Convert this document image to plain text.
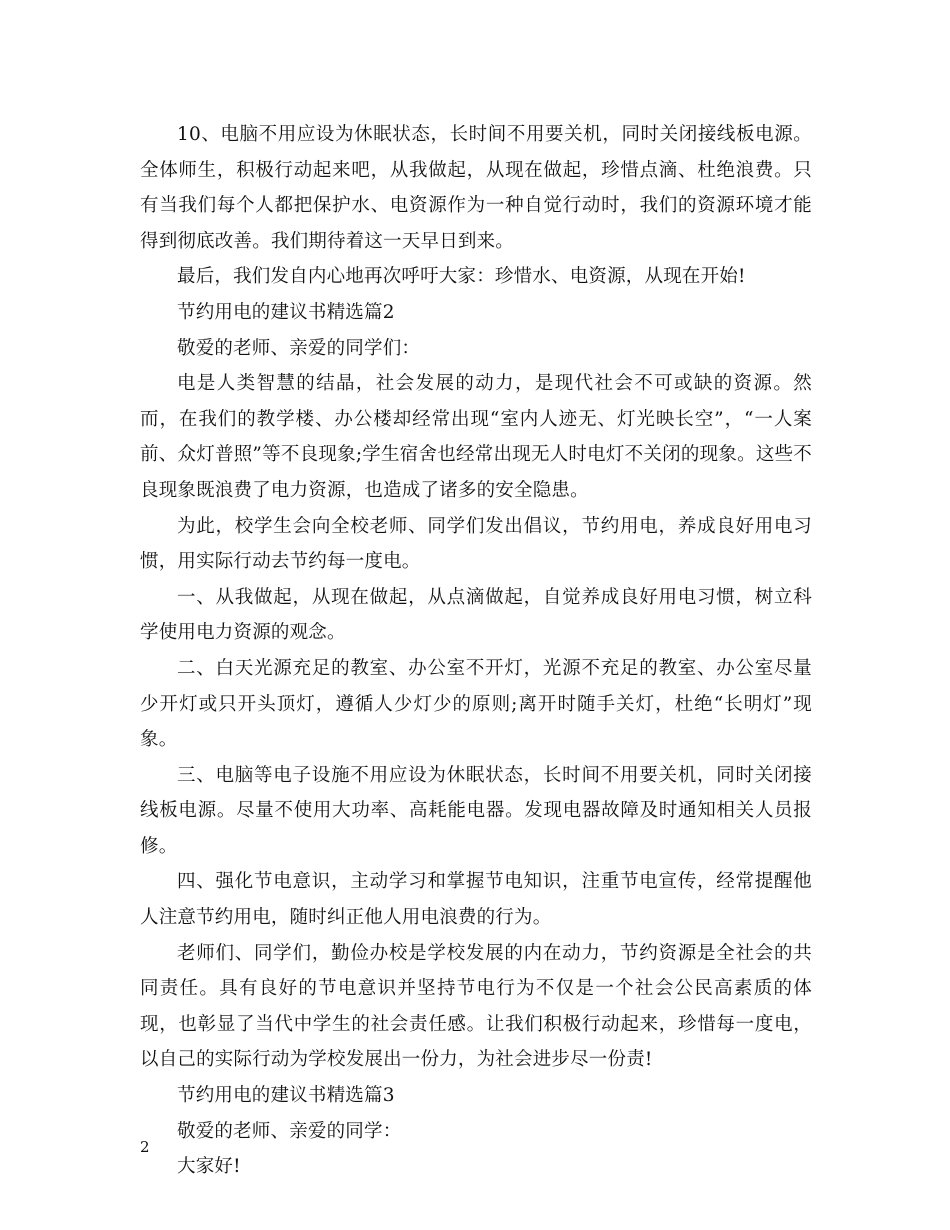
10、电脑不用应设为休眠状态，长时间不用要关机，同时关闭接线板电源。全体师生，积极行动起来吧，从我做起，从现在做起，珍惜点滴、杜绝浪费。只有当我们每个人都把保护水、电资源作为一种自觉行动时，我们的资源环境才能得到彻底改善。我们期待着这一天早日到来。

最后，我们发自内心地再次呼吁大家：珍惜水、电资源，从现在开始!

节约用电的建议书精选篇2

敬爱的老师、亲爱的同学们：

电是人类智慧的结晶，社会发展的动力，是现代社会不可或缺的资源。然而，在我们的教学楼、办公楼却经常出现“室内人迹无、灯光映长空”，“一人案前、众灯普照”等不良现象;学生宿舍也经常出现无人时电灯不关闭的现象。这些不良现象既浪费了电力资源，也造成了诸多的安全隐患。

为此，校学生会向全校老师、同学们发出倡议，节约用电，养成良好用电习惯，用实际行动去节约每一度电。

一、从我做起，从现在做起，从点滴做起，自觉养成良好用电习惯，树立科学使用电力资源的观念。

二、白天光源充足的教室、办公室不开灯，光源不充足的教室、办公室尽量少开灯或只开头顶灯，遵循人少灯少的原则;离开时随手关灯，杜绝“长明灯”现象。

三、电脑等电子设施不用应设为休眠状态，长时间不用要关机，同时关闭接线板电源。尽量不使用大功率、高耗能电器。发现电器故障及时通知相关人员报修。

四、强化节电意识，主动学习和掌握节电知识，注重节电宣传，经常提醒他人注意节约用电，随时纠正他人用电浪费的行为。

老师们、同学们，勤俭办校是学校发展的内在动力，节约资源是全社会的共同责任。具有良好的节电意识并坚持节电行为不仅是一个社会公民高素质的体现，也彰显了当代中学生的社会责任感。让我们积极行动起来，珍惜每一度电，以自己的实际行动为学校发展出一份力，为社会进步尽一份责!

节约用电的建议书精选篇3

敬爱的老师、亲爱的同学：

大家好!

2
